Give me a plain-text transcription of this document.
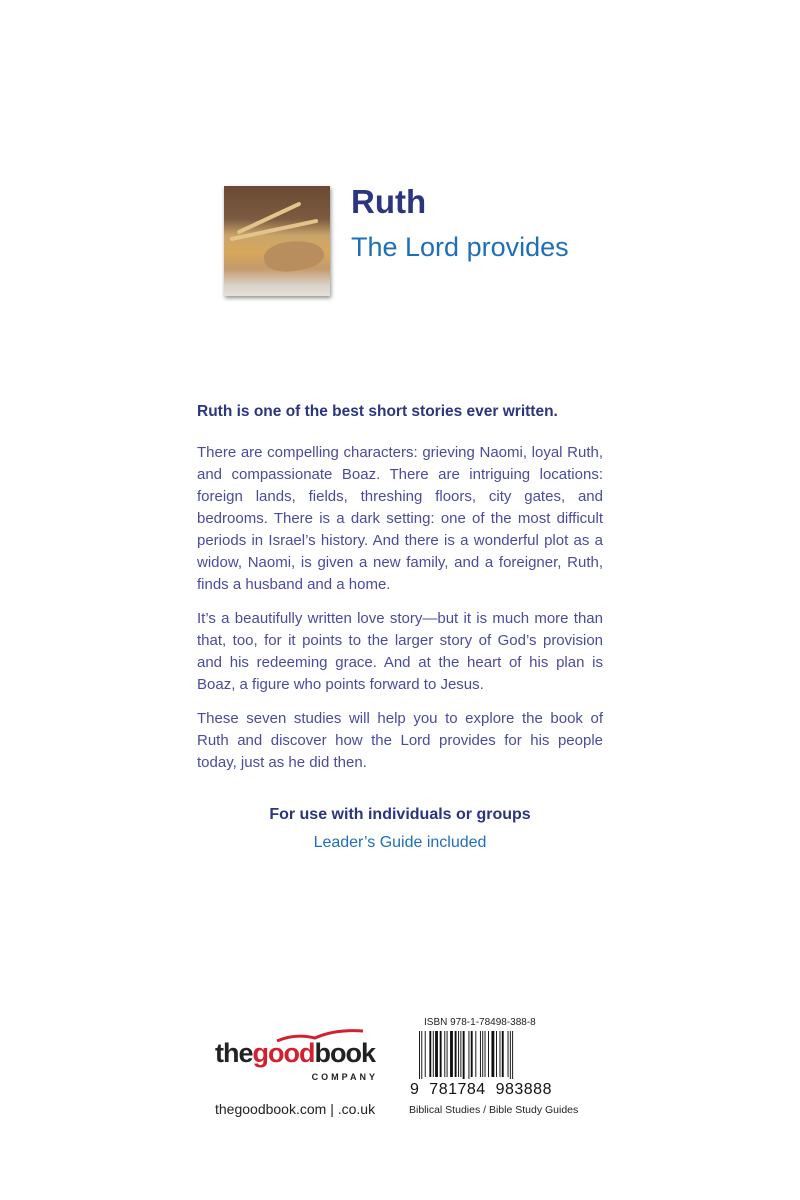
Ruth
The Lord provides
Ruth is one of the best short stories ever written.

There are compelling characters: grieving Naomi, loyal Ruth, and compassionate Boaz. There are intriguing locations: foreign lands, fields, threshing floors, city gates, and bedrooms. There is a dark setting: one of the most difficult periods in Israel’s history. And there is a wonderful plot as a widow, Naomi, is given a new family, and a foreigner, Ruth, finds a husband and a home.

It’s a beautifully written love story—but it is much more than that, too, for it points to the larger story of God’s provision and his redeeming grace. And at the heart of his plan is Boaz, a figure who points forward to Jesus.

These seven studies will help you to explore the book of Ruth and discover how the Lord provides for his people today, just as he did then.

For use with individuals or groups
Leader’s Guide included
thegoodbook
COMPANY
thegoodbook.com | .co.uk
ISBN 978-1-78498-388-8
9 781784 983888
Biblical Studies / Bible Study Guides
